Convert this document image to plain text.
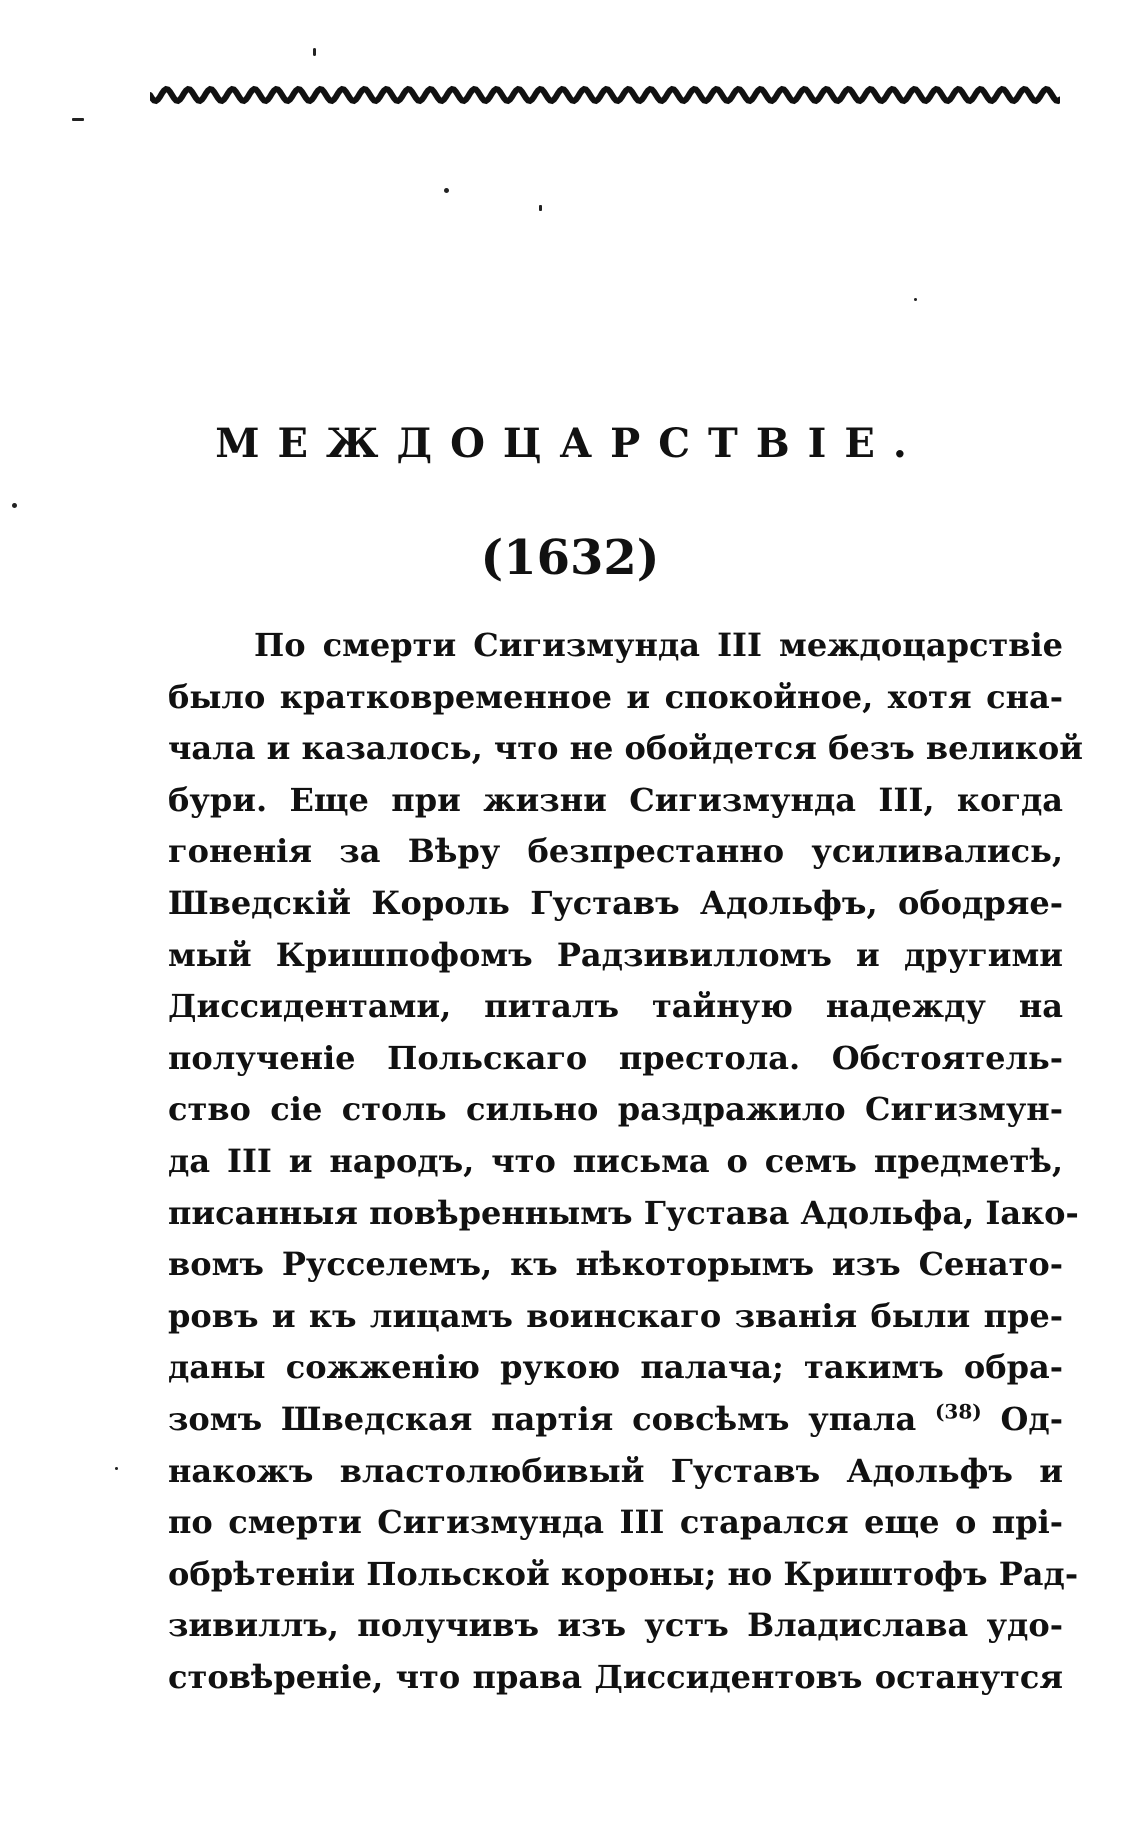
МЕЖДОЦАРСТВІЕ.
(1632)
По смерти Сигизмунда III междоцарствіе
было кратковременное и спокойное, хотя сна-
чала и казалось, что не обойдется безъ великой
бури. Еще при жизни Сигизмунда III, когда
гоненія за Вѣру безпрестанно усиливались,
Шведскій Король Густавъ Адольфъ, ободряе-
мый Кришпофомъ Радзивилломъ и другими
Диссидентами, питалъ тайную надежду на
полученіе Польскаго престола. Обстоятель-
ство сіе столь сильно раздражило Сигизмун-
да III и народъ, что письма о семъ предметѣ,
писанныя повѣреннымъ Густава Адольфа, Іако-
вомъ Русселемъ, къ нѣкоторымъ изъ Сенато-
ровъ и къ лицамъ воинскаго званія были пре-
даны сожженію рукою палача; такимъ обра-
зомъ Шведская партія совсѣмъ упала $^{(38)}$ Од-
накожъ властолюбивый Густавъ Адольфъ и
по смерти Сигизмунда III старался еще о прі-
обрѣтеніи Польской короны; но Криштофъ Рад-
зивиллъ, получивъ изъ устъ Владислава удо-
стовѣреніе, что права Диссидентовъ останутся
